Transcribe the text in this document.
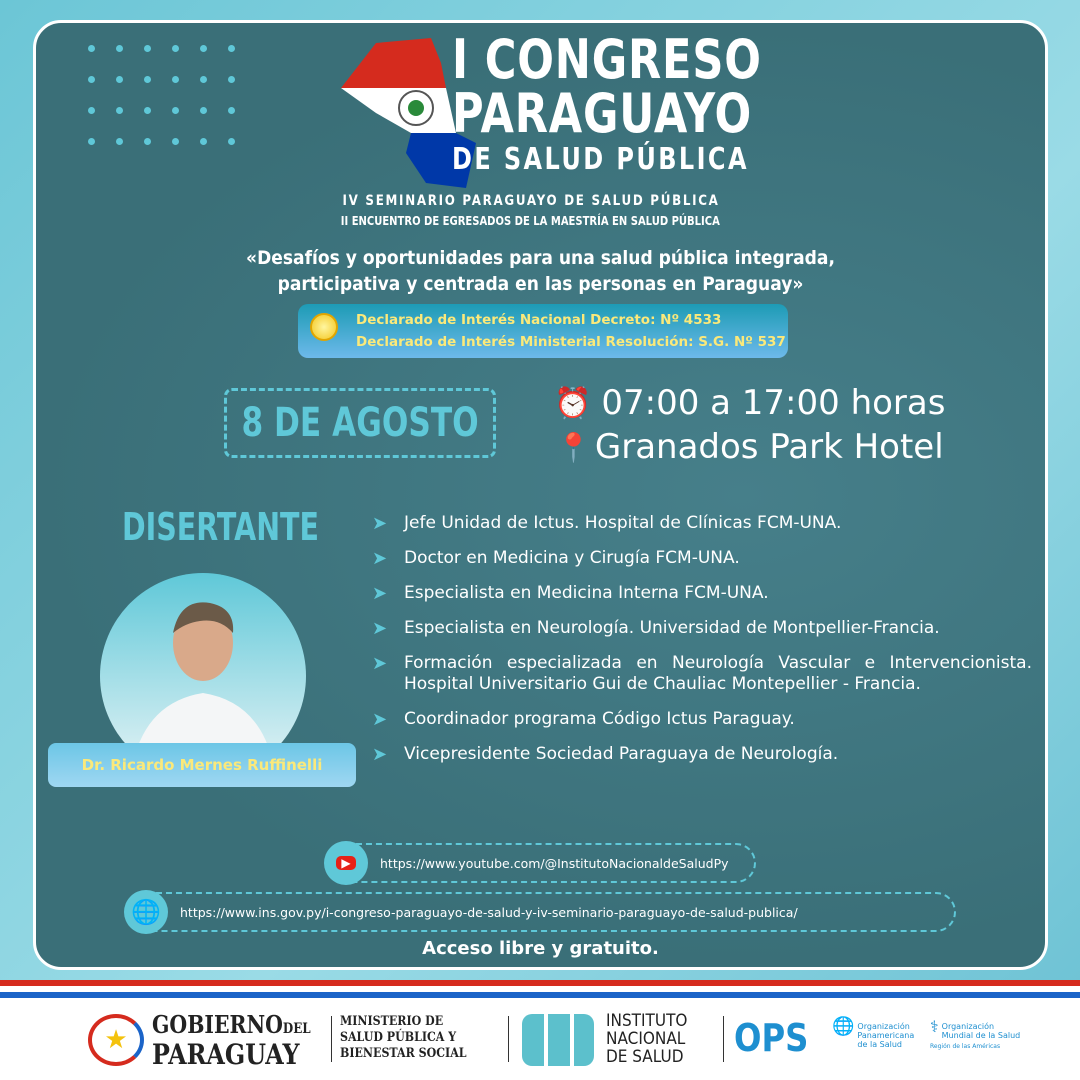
I CONGRESO
PARAGUAYO
DE SALUD PÚBLICA
IV SEMINARIO PARAGUAYO DE SALUD PÚBLICA
II ENCUENTRO DE EGRESADOS DE LA MAESTRÍA EN SALUD PÚBLICA
«Desafíos y oportunidades para una salud pública integrada,
participativa y centrada en las personas en Paraguay»
Declarado de Interés Nacional Decreto: Nº 4533
Declarado de Interés Ministerial Resolución: S.G. Nº 537
8 DE AGOSTO	⏰ 07:00 a 17:00 horas
📍 Granados Park Hotel
DISERTANTE
Dr. Ricardo Mernes Ruffinelli
➤ Jefe Unidad de Ictus. Hospital de Clínicas FCM-UNA.
➤ Doctor en Medicina y Cirugía FCM-UNA.
➤ Especialista en Medicina Interna FCM-UNA.
➤ Especialista en Neurología. Universidad de Montpellier-Francia.
➤ Formación especializada en Neurología Vascular e Intervencionista. Hospital Universitario Gui de Chauliac Montepellier - Francia.
➤ Coordinador programa Código Ictus Paraguay.
➤ Vicepresidente Sociedad Paraguaya de Neurología.
▶	https://www.youtube.com/@InstitutoNacionaldeSaludPy
🌐 https://www.ins.gov.py/i-congreso-paraguayo-de-salud-y-iv-seminario-paraguayo-de-salud-publica/
Acceso libre y gratuito.
★
GOBIERNODEL
PARAGUAY
MINISTERIO DE
SALUD PÚBLICA Y
BIENESTAR SOCIAL
INSTITUTO
NACIONAL
DE SALUD OPS 🌐 Organización
Panamericana
de la Salud
⚕ Organización
Mundial de la Salud
Región de las Américas
